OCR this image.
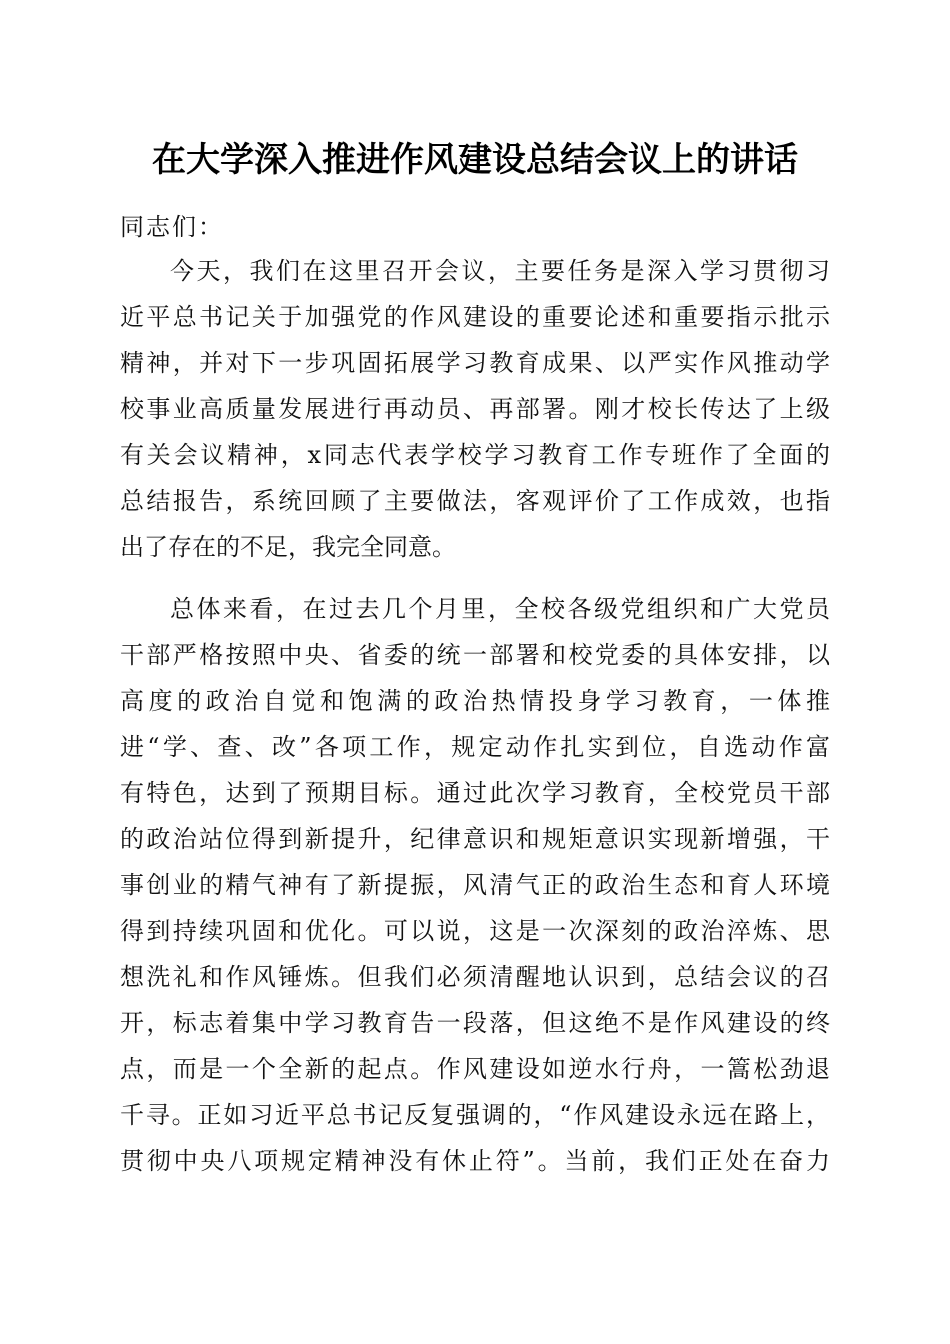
在大学深入推进作风建设总结会议上的讲话

同志们：

今天，我们在这里召开会议，主要任务是深入学习贯彻习

近平总书记关于加强党的作风建设的重要论述和重要指示批示

精神，并对下一步巩固拓展学习教育成果、以严实作风推动学

校事业高质量发展进行再动员、再部署。刚才校长传达了上级

有关会议精神，x同志代表学校学习教育工作专班作了全面的

总结报告，系统回顾了主要做法，客观评价了工作成效，也指

出了存在的不足，我完全同意。

总体来看，在过去几个月里，全校各级党组织和广大党员

干部严格按照中央、省委的统一部署和校党委的具体安排，以

高度的政治自觉和饱满的政治热情投身学习教育，一体推

进“学、查、改”各项工作，规定动作扎实到位，自选动作富

有特色，达到了预期目标。通过此次学习教育，全校党员干部

的政治站位得到新提升，纪律意识和规矩意识实现新增强，干

事创业的精气神有了新提振，风清气正的政治生态和育人环境

得到持续巩固和优化。可以说，这是一次深刻的政治淬炼、思

想洗礼和作风锤炼。但我们必须清醒地认识到，总结会议的召

开，标志着集中学习教育告一段落，但这绝不是作风建设的终

点，而是一个全新的起点。作风建设如逆水行舟，一篙松劲退

千寻。正如习近平总书记反复强调的，“作风建设永远在路上，

贯彻中央八项规定精神没有休止符”。当前，我们正处在奋力
